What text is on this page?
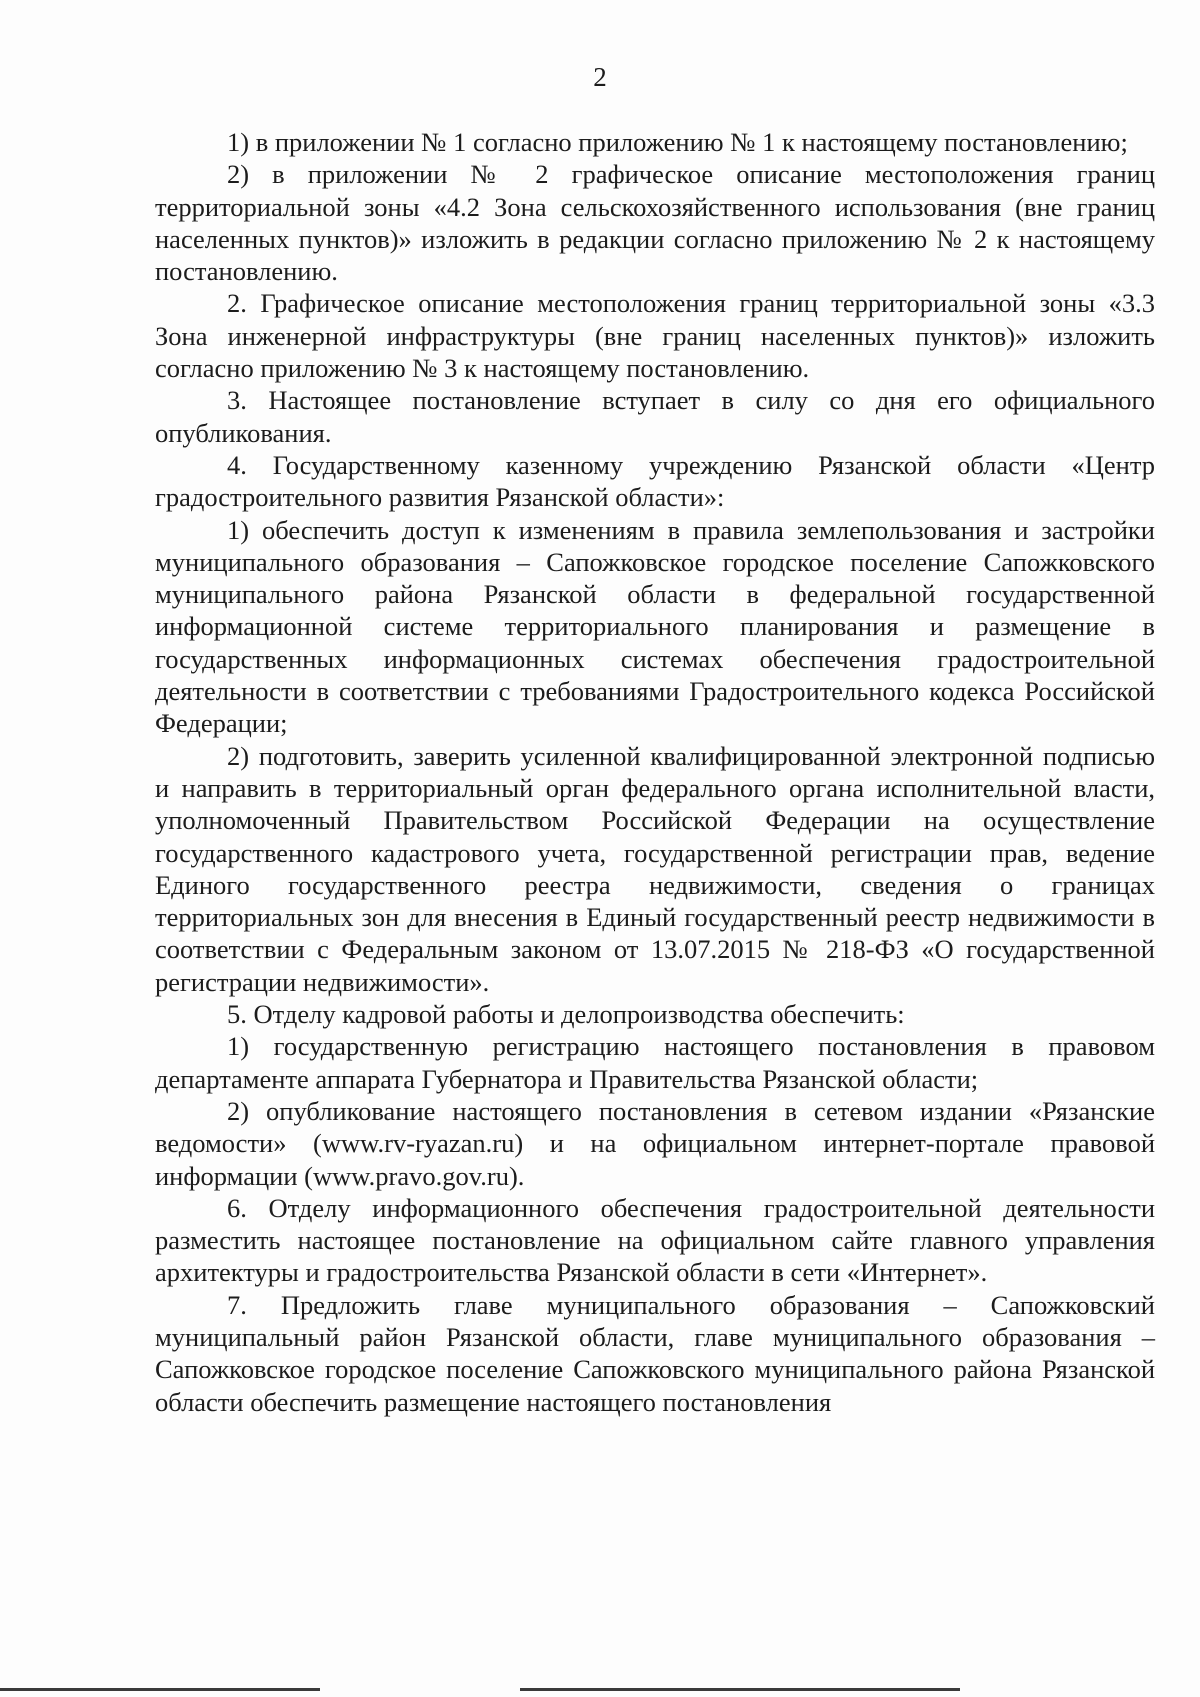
2

1) в приложении № 1 согласно приложению № 1 к настоящему постановлению;

2) в приложении № 2 графическое описание местоположения границ территориальной зоны «4.2 Зона сельскохозяйственного использования (вне границ населенных пунктов)» изложить в редакции согласно приложению № 2 к настоящему постановлению.

2. Графическое описание местоположения границ территориальной зоны «3.3 Зона инженерной инфраструктуры (вне границ населенных пунктов)» изложить согласно приложению № 3 к настоящему постановлению.

3. Настоящее постановление вступает в силу со дня его официального опубликования.

4. Государственному казенному учреждению Рязанской области «Центр градостроительного развития Рязанской области»:

1) обеспечить доступ к изменениям в правила землепользования и застройки муниципального образования – Сапожковское городское поселение Сапожковского муниципального района Рязанской области в федеральной государственной информационной системе территориального планирования и размещение в государственных информационных системах обеспечения градостроительной деятельности в соответствии с требованиями Градостроительного кодекса Российской Федерации;

2) подготовить, заверить усиленной квалифицированной электронной подписью и направить в территориальный орган федерального органа исполнительной власти, уполномоченный Правительством Российской Федерации на осуществление государственного кадастрового учета, государственной регистрации прав, ведение Единого государственного реестра недвижимости, сведения о границах территориальных зон для внесения в Единый государственный реестр недвижимости в соответствии с Федеральным законом от 13.07.2015 № 218-ФЗ «О государственной регистрации недвижимости».

5. Отделу кадровой работы и делопроизводства обеспечить:

1) государственную регистрацию настоящего постановления в правовом департаменте аппарата Губернатора и Правительства Рязанской области;

2) опубликование настоящего постановления в сетевом издании «Рязанские ведомости» (www.rv-ryazan.ru) и на официальном интернет-портале правовой информации (www.pravo.gov.ru).

6. Отделу информационного обеспечения градостроительной деятельности разместить настоящее постановление на официальном сайте главного управления архитектуры и градостроительства Рязанской области в сети «Интернет».

7. Предложить главе муниципального образования – Сапожковский муниципальный район Рязанской области, главе муниципального образования – Сапожковское городское поселение Сапожковского муниципального района Рязанской области обеспечить размещение настоящего постановления
